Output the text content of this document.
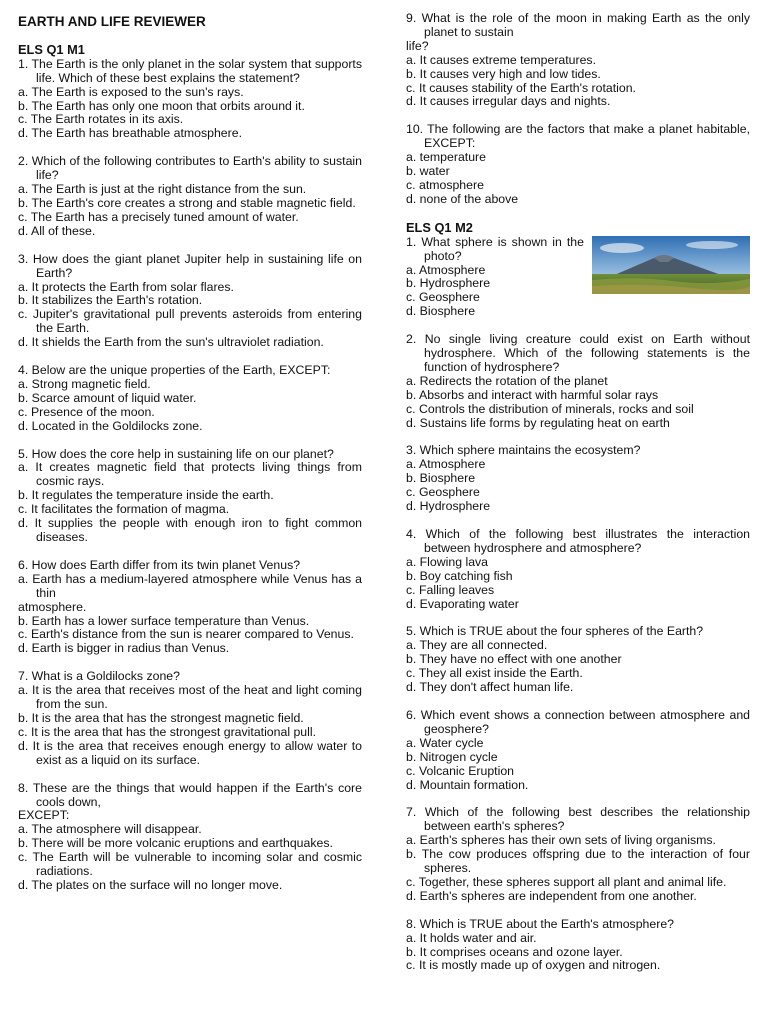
EARTH AND LIFE REVIEWER
ELS Q1 M1
1. The Earth is the only planet in the solar system that supports life. Which of these best explains the statement?
a. The Earth is exposed to the sun's rays.
b. The Earth has only one moon that orbits around it.
c. The Earth rotates in its axis.
d. The Earth has breathable atmosphere.
2. Which of the following contributes to Earth's ability to sustain life?
a. The Earth is just at the right distance from the sun.
b. The Earth's core creates a strong and stable magnetic field.
c. The Earth has a precisely tuned amount of water.
d. All of these.
3. How does the giant planet Jupiter help in sustaining life on Earth?
a. It protects the Earth from solar flares.
b. It stabilizes the Earth's rotation.
c. Jupiter's gravitational pull prevents asteroids from entering the Earth.
d. It shields the Earth from the sun's ultraviolet radiation.
4. Below are the unique properties of the Earth, EXCEPT:
a. Strong magnetic field.
b. Scarce amount of liquid water.
c. Presence of the moon.
d. Located in the Goldilocks zone.
5. How does the core help in sustaining life on our planet?
a. It creates magnetic field that protects living things from cosmic rays.
b. It regulates the temperature inside the earth.
c. It facilitates the formation of magma.
d. It supplies the people with enough iron to fight common diseases.
6. How does Earth differ from its twin planet Venus?
a. Earth has a medium-layered atmosphere while Venus has a thin
atmosphere.
b. Earth has a lower surface temperature than Venus.
c. Earth's distance from the sun is nearer compared to Venus.
d. Earth is bigger in radius than Venus.
7. What is a Goldilocks zone?
a. It is the area that receives most of the heat and light coming from the sun.
b. It is the area that has the strongest magnetic field.
c. It is the area that has the strongest gravitational pull.
d. It is the area that receives enough energy to allow water to exist as a liquid on its surface.
8. These are the things that would happen if the Earth's core cools down,
EXCEPT:
a. The atmosphere will disappear.
b. There will be more volcanic eruptions and earthquakes.
c. The Earth will be vulnerable to incoming solar and cosmic radiations.
d. The plates on the surface will no longer move.
9. What is the role of the moon in making Earth as the only planet to sustain
life?
a. It causes extreme temperatures.
b. It causes very high and low tides.
c. It causes stability of the Earth's rotation.
d. It causes irregular days and nights.
10. The following are the factors that make a planet habitable, EXCEPT:
a. temperature
b. water
c. atmosphere
d. none of the above
ELS Q1 M2
1. What sphere is shown in the photo?
a. Atmosphere
b. Hydrosphere
c. Geosphere
d. Biosphere
2. No single living creature could exist on Earth without hydrosphere. Which of the following statements is the function of hydrosphere?
a. Redirects the rotation of the planet
b. Absorbs and interact with harmful solar rays
c. Controls the distribution of minerals, rocks and soil
d. Sustains life forms by regulating heat on earth
3. Which sphere maintains the ecosystem?
a. Atmosphere
b. Biosphere
c. Geosphere
d. Hydrosphere
4. Which of the following best illustrates the interaction between hydrosphere and atmosphere?
a. Flowing lava
b. Boy catching fish
c. Falling leaves
d. Evaporating water
5. Which is TRUE about the four spheres of the Earth?
a. They are all connected.
b. They have no effect with one another
c. They all exist inside the Earth.
d. They don't affect human life.
6. Which event shows a connection between atmosphere and geosphere?
a. Water cycle
b. Nitrogen cycle
c. Volcanic Eruption
d. Mountain formation.
7. Which of the following best describes the relationship between earth's spheres?
a. Earth's spheres has their own sets of living organisms.
b. The cow produces offspring due to the interaction of four spheres.
c. Together, these spheres support all plant and animal life.
d. Earth's spheres are independent from one another.
8. Which is TRUE about the Earth's atmosphere?
a. It holds water and air.
b. It comprises oceans and ozone layer.
c. It is mostly made up of oxygen and nitrogen.
